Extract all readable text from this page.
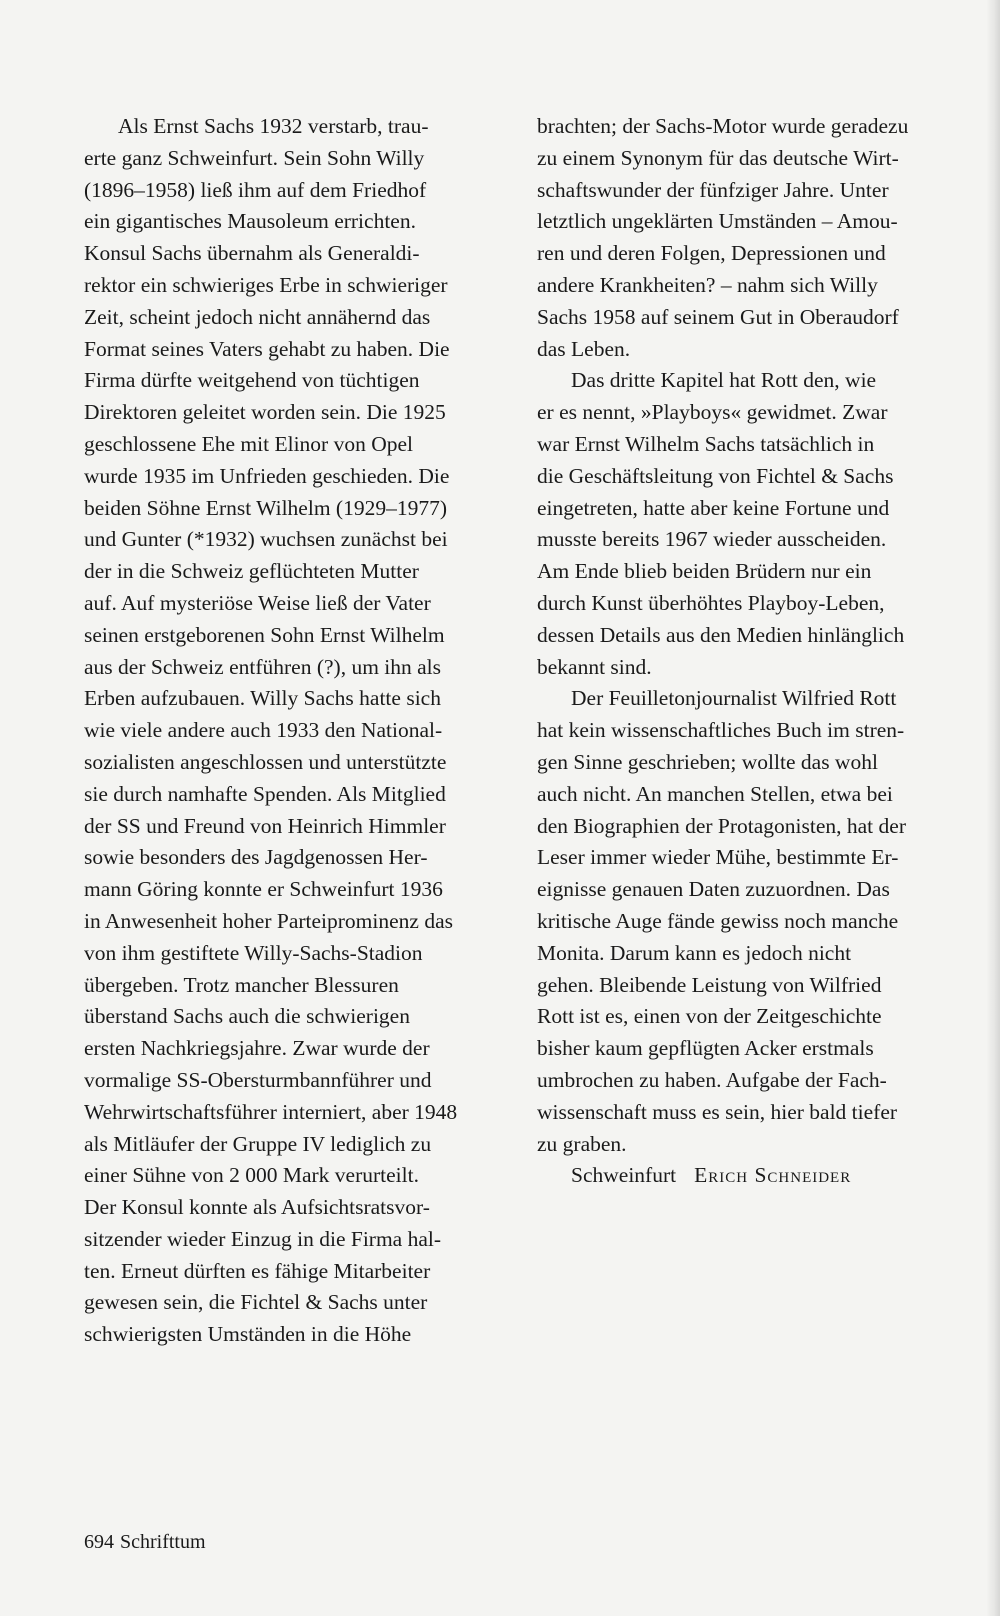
Als Ernst Sachs 1932 verstarb, trau-
erte ganz Schweinfurt. Sein Sohn Willy
(1896–1958) ließ ihm auf dem Friedhof
ein gigantisches Mausoleum errichten.
Konsul Sachs übernahm als Generaldi-
rektor ein schwieriges Erbe in schwieriger
Zeit, scheint jedoch nicht annähernd das
Format seines Vaters gehabt zu haben. Die
Firma dürfte weitgehend von tüchtigen
Direktoren geleitet worden sein. Die 1925
geschlossene Ehe mit Elinor von Opel
wurde 1935 im Unfrieden geschieden. Die
beiden Söhne Ernst Wilhelm (1929–1977)
und Gunter (*1932) wuchsen zunächst bei
der in die Schweiz geflüchteten Mutter
auf. Auf mysteriöse Weise ließ der Vater
seinen erstgeborenen Sohn Ernst Wilhelm
aus der Schweiz entführen (?), um ihn als
Erben aufzubauen. Willy Sachs hatte sich
wie viele andere auch 1933 den National-
sozialisten angeschlossen und unterstützte
sie durch namhafte Spenden. Als Mitglied
der SS und Freund von Heinrich Himmler
sowie besonders des Jagdgenossen Her-
mann Göring konnte er Schweinfurt 1936
in Anwesenheit hoher Parteiprominenz das
von ihm gestiftete Willy-Sachs-Stadion
übergeben. Trotz mancher Blessuren
überstand Sachs auch die schwierigen
ersten Nachkriegsjahre. Zwar wurde der
vormalige SS-Obersturmbannführer und
Wehrwirtschaftsführer interniert, aber 1948
als Mitläufer der Gruppe IV lediglich zu
einer Sühne von 2 000 Mark verurteilt.
Der Konsul konnte als Aufsichtsratsvor-
sitzender wieder Einzug in die Firma hal-
ten. Erneut dürften es fähige Mitarbeiter
gewesen sein, die Fichtel & Sachs unter
schwierigsten Umständen in die Höhe
brachten; der Sachs-Motor wurde geradezu
zu einem Synonym für das deutsche Wirt-
schaftswunder der fünfziger Jahre. Unter
letztlich ungeklärten Umständen – Amou-
ren und deren Folgen, Depressionen und
andere Krankheiten? – nahm sich Willy
Sachs 1958 auf seinem Gut in Oberaudorf
das Leben.
Das dritte Kapitel hat Rott den, wie
er es nennt, »Playboys« gewidmet. Zwar
war Ernst Wilhelm Sachs tatsächlich in
die Geschäftsleitung von Fichtel & Sachs
eingetreten, hatte aber keine Fortune und
musste bereits 1967 wieder ausscheiden.
Am Ende blieb beiden Brüdern nur ein
durch Kunst überhöhtes Playboy-Leben,
dessen Details aus den Medien hinlänglich
bekannt sind.
Der Feuilletonjournalist Wilfried Rott
hat kein wissenschaftliches Buch im stren-
gen Sinne geschrieben; wollte das wohl
auch nicht. An manchen Stellen, etwa bei
den Biographien der Protagonisten, hat der
Leser immer wieder Mühe, bestimmte Er-
eignisse genauen Daten zuzuordnen. Das
kritische Auge fände gewiss noch manche
Monita. Darum kann es jedoch nicht
gehen. Bleibende Leistung von Wilfried
Rott ist es, einen von der Zeitgeschichte
bisher kaum gepflügten Acker erstmals
umbrochen zu haben. Aufgabe der Fach-
wissenschaft muss es sein, hier bald tiefer
zu graben.
Schweinfurt Erich Schneider
694 Schrifttum
